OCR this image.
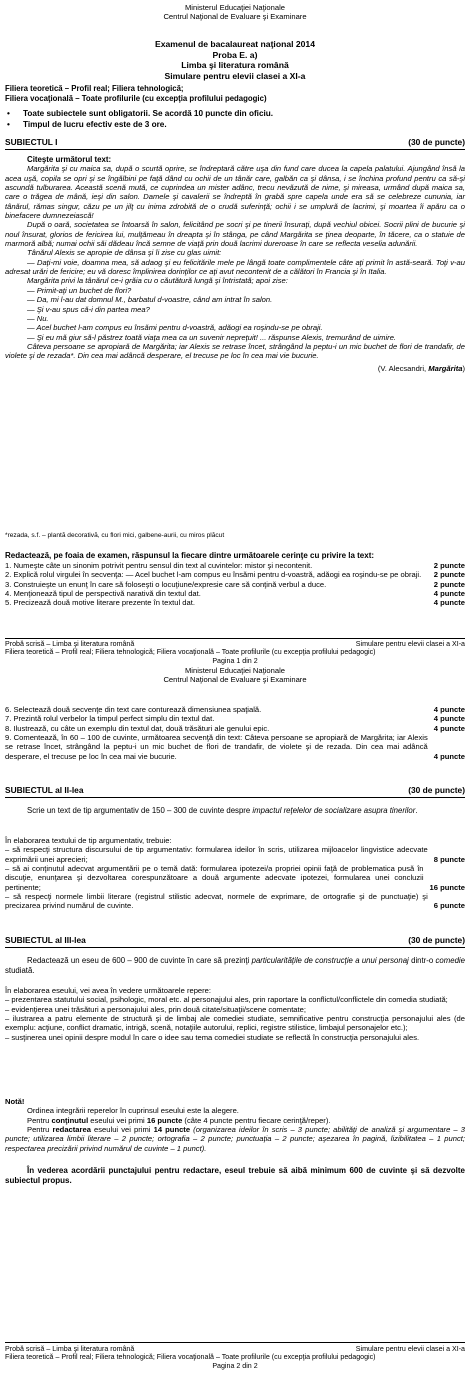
Ministerul Educaţiei Naţionale
Centrul Naţional de Evaluare şi Examinare
Examenul de bacalaureat naţional 2014
Proba E. a)
Limba şi literatura română
Simulare pentru elevii clasei a XI-a
Filiera teoretică – Profil real; Filiera tehnologică;
Filiera vocaţională – Toate profilurile (cu excepţia profilului pedagogic)
•	Toate subiectele sunt obligatorii. Se acordă 10 puncte din oficiu.
•	Timpul de lucru efectiv este de 3 ore.
SUBIECTUL I	(30 de puncte)

Citeşte următorul text:

Margărita şi cu maica sa, după o scurtă oprire, se îndreptară către uşa din fund care ducea la capela palatului. Ajungând însă la acea uşă, copila se opri şi se îngălbini pe faţă dând cu ochii de un tânăr care, galbăn ca şi dânsa, i se închina profund pentru ca să-şi ascundă tulburarea. Această scenă mută, ce cuprindea un mister adânc, trecu nevăzută de nime, şi mireasa, urmând după maica sa, care o trăgea de mână, ieşi din salon. Damele şi cavalerii se îndreptă în grabă spre capela unde era să se celebreze cununia, iar tânărul, rămas singur, căzu pe un jilţ cu inima zdrobită de o crudă suferinţă; ochii i se umplură de lacrimi, şi moartea îi apăru ca o binefacere dumnezeiască!

După o oară, societatea se întoarsă în salon, felicitând pe socri şi pe tinerii însuraţi, după vechiul obicei. Socrii plini de bucurie şi noul însurat, glorios de fericirea lui, mulţămeau în dreapta şi în stânga, pe când Margărita se ţinea deoparte, în tăcere, ca o statuie de marmoră albă; numai ochii săi dădeau încă semne de viaţă prin două lacrimi dureroase în care se reflecta veselia adunării.

Tânărul Alexis se apropie de dânsa şi îi zise cu glas uimit:

— Daţi-mi voie, doamna mea, să adaog şi eu felicitările mele pe lângă toate complimentele câte aţi primit în astă-seară. Toţi v-au adresat urări de fericire; eu vă doresc împlinirea dorinţilor ce aţi avut necontenit de a călători în Francia şi în Italia.

Margărita privi la tânărul ce-i grăia cu o căutătură lungă şi întristată; apoi zise:

— Primit-aţi un buchet de flori?

— Da, mi l-au dat domnul M., barbatul d-voastre, când am intrat în salon.

— Şi v-au spus că-i din partea mea?

— Nu.

— Acel buchet l-am compus eu însămi pentru d-voastră, adăogi ea roşindu-se pe obraji.

— Şi eu mă giur să-l păstrez toată viaţa mea ca un suvenir nepreţuit! ... răspunse Alexis, tremurând de uimire.

Câteva persoane se apropiară de Margărita; iar Alexis se retrase încet, strângând la peptu-i un mic buchet de flori de trandafir, de violete şi de rezada*. Din cea mai adâncă desperare, el trecuse pe loc în cea mai vie bucurie.

(V. Alecsandri, Margărita)

*rezada, s.f. – plantă decorativă, cu flori mici, galbene-aurii, cu miros plăcut

Redactează, pe foaia de examen, răspunsul la fiecare dintre următoarele cerinţe cu privire la text:

1. Numeşte câte un sinonim potrivit pentru sensul din text al cuvintelor: mistor şi necontenit.	2 puncte
2. Explică rolul virgulei în secvenţa: — Acel buchet l-am compus eu însămi pentru d-voastră, adăogi ea roşindu-se pe obraji. 2 puncte
3. Construieşte un enunţ în care să foloseşti o locuţiune/expresie care să conţină verbul a duce.	2 puncte
4. Menţionează tipul de perspectivă narativă din textul dat.	4 puncte
5. Precizează două motive literare prezente în textul dat.	4 puncte
Probă scrisă – Limba şi literatura română	Simulare pentru elevii clasei a XI-a
Filiera teoretică – Profil real; Filiera tehnologică; Filiera vocaţională – Toate profilurile (cu excepţia profilului pedagogic)
Pagina 1 din 2
Ministerul Educaţiei Naţionale
Centrul Naţional de Evaluare şi Examinare
6. Selectează două secvenţe din text care conturează dimensiunea spaţială.	4 puncte
7. Prezintă rolul verbelor la timpul perfect simplu din textul dat.	4 puncte
8. Ilustrează, cu câte un exemplu din textul dat, două trăsături ale genului epic.	4 puncte
9. Comentează, în 60 – 100 de cuvinte, următoarea secvenţă din text: Câteva persoane se apropiară de Margărita; iar Alexis se retrase încet, strângând la peptu-i un mic buchet de flori de trandafir, de violete şi de rezada. Din cea mai adâncă desperare, el trecuse pe loc în cea mai vie bucurie.	4 puncte
SUBIECTUL al II-lea	(30 de puncte)

Scrie un text de tip argumentativ de 150 – 300 de cuvinte despre impactul reţelelor de socializare asupra tinerilor.

În elaborarea textului de tip argumentativ, trebuie:

– să respecţi structura discursului de tip argumentativ: formularea ideilor în scris, utilizarea mijloacelor lingvistice adecvate exprimării unei aprecieri;	8 puncte
– să ai conţinutul adecvat argumentării pe o temă dată: formularea ipotezei/a propriei opinii faţă de problematica pusă în discuţie, enunţarea şi dezvoltarea corespunzătoare a două argumente adecvate ipotezei, formularea unei concluzii pertinente;	16 puncte
– să respecţi normele limbii literare (registrul stilistic adecvat, normele de exprimare, de ortografie şi de punctuaţie) şi precizarea privind numărul de cuvinte.	6 puncte
SUBIECTUL al III-lea	(30 de puncte)

Redactează un eseu de 600 – 900 de cuvinte în care să prezinţi particularităţile de construcţie a unui personaj dintr-o comedie studiată.

În elaborarea eseului, vei avea în vedere următoarele repere:

– prezentarea statutului social, psihologic, moral etc. al personajului ales, prin raportare la conflictul/conflictele din comedia studiată;

– evidenţierea unei trăsături a personajului ales, prin două citate/situaţii/scene comentate;

– ilustrarea a patru elemente de structură şi de limbaj ale comediei studiate, semnificative pentru construcţia personajului ales (de exemplu: acţiune, conflict dramatic, intrigă, scenă, notaţiile autorului, replici, registre stilistice, limbajul personajelor etc.);

– susţinerea unei opinii despre modul în care o idee sau tema comediei studiate se reflectă în construcţia personajului ales.

Notă!

Ordinea integrării reperelor în cuprinsul eseului este la alegere.

Pentru conţinutul eseului vei primi 16 puncte (câte 4 puncte pentru fiecare cerinţă/reper).

Pentru redactarea eseului vei primi 14 puncte (organizarea ideilor în scris – 3 puncte; abilităţi de analiză şi argumentare – 3 puncte; utilizarea limbii literare – 2 puncte; ortografia – 2 puncte; punctuaţia – 2 puncte; aşezarea în pagină, lizibilitatea – 1 punct; respectarea precizării privind numărul de cuvinte – 1 punct).

În vederea acordării punctajului pentru redactare, eseul trebuie să aibă minimum 600 de cuvinte şi să dezvolte subiectul propus.

Probă scrisă – Limba şi literatura română	Simulare pentru elevii clasei a XI-a
Filiera teoretică – Profil real; Filiera tehnologică; Filiera vocaţională – Toate profilurile (cu excepţia profilului pedagogic)
Pagina 2 din 2
